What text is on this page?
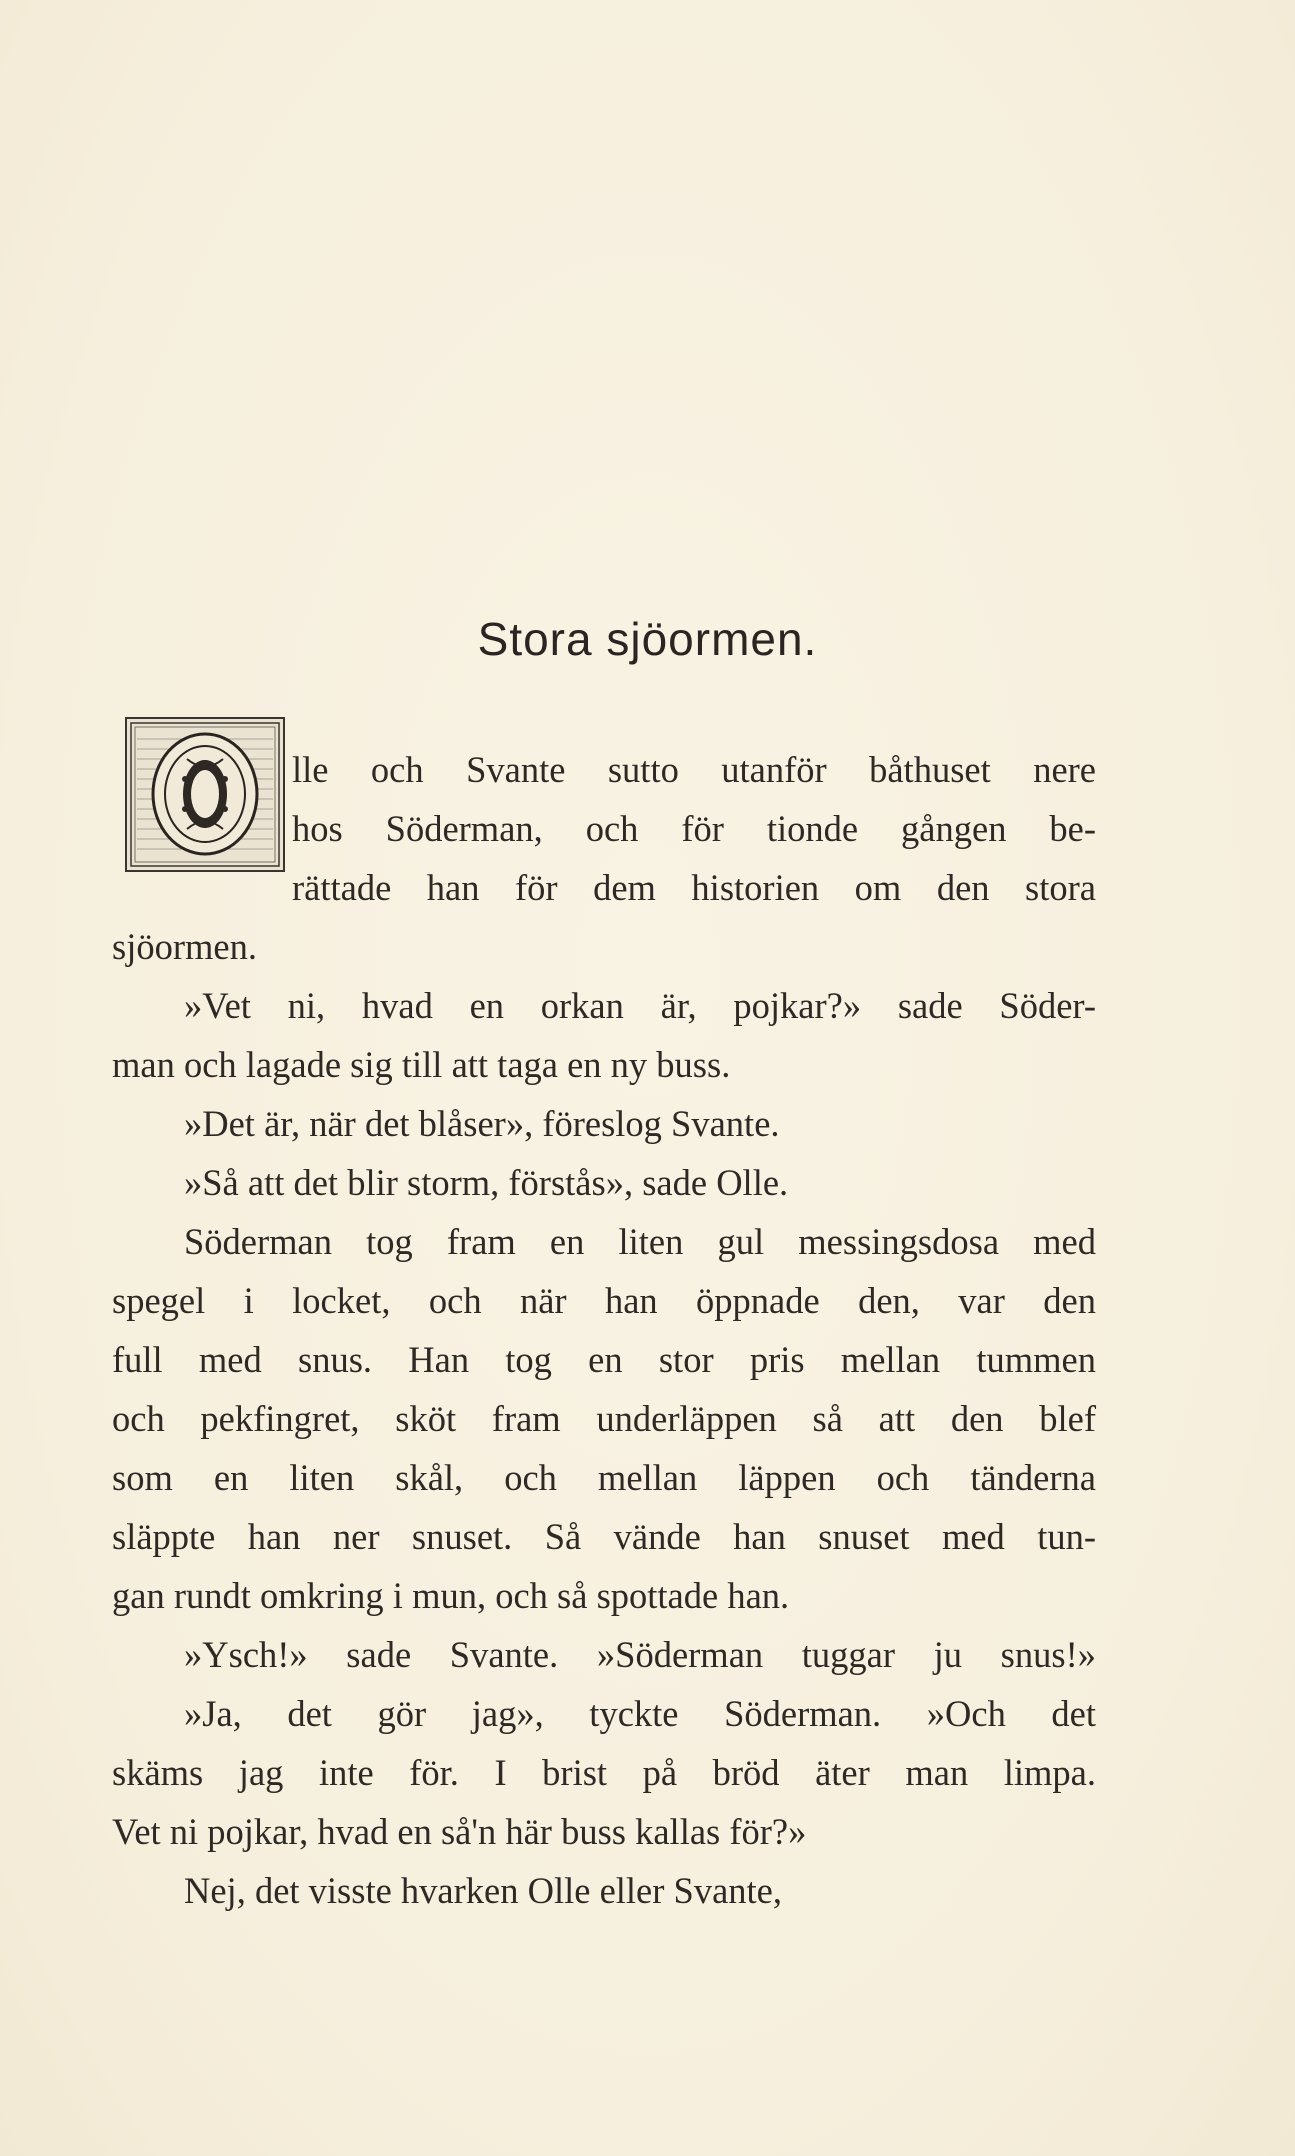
Stora sjöormen.
lle och Svante sutto utanför båthuset nere
hos Söderman, och för tionde gången be-
rättade han för dem historien om den stora
sjöormen.
»Vet ni, hvad en orkan är, pojkar?» sade Söder-
man och lagade sig till att taga en ny buss.
»Det är, när det blåser», föreslog Svante.
»Så att det blir storm, förstås», sade Olle.
Söderman tog fram en liten gul messingsdosa med
spegel i locket, och när han öppnade den, var den
full med snus. Han tog en stor pris mellan tummen
och pekfingret, sköt fram underläppen så att den blef
som en liten skål, och mellan läppen och tänderna
släppte han ner snuset. Så vände han snuset med tun-
gan rundt omkring i mun, och så spottade han.
»Ysch!» sade Svante. »Söderman tuggar ju snus!»
»Ja, det gör jag», tyckte Söderman. »Och det
skäms jag inte för. I brist på bröd äter man limpa.
Vet ni pojkar, hvad en så'n här buss kallas för?»
Nej, det visste hvarken Olle eller Svante,
